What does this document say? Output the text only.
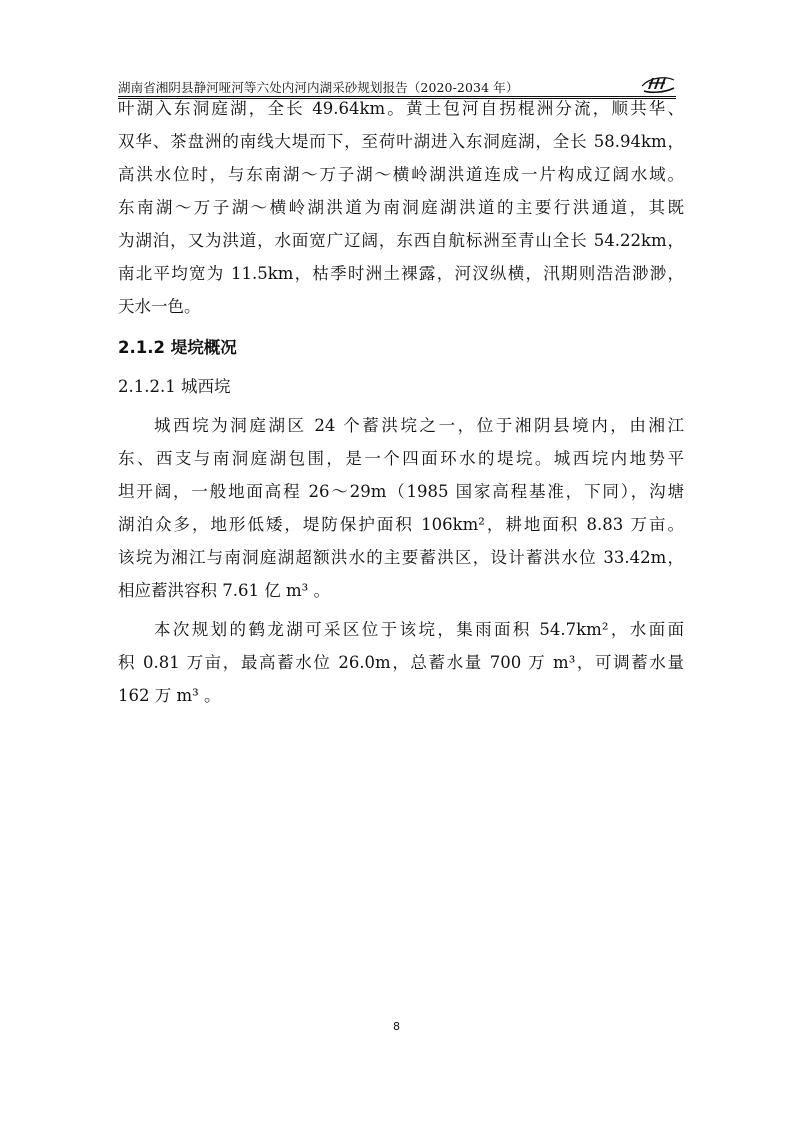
湖南省湘阴县静河哑河等六处内河内湖采砂规划报告（2020-2034 年）
叶湖入东洞庭湖，全长 49.64km。黄土包河自拐棍洲分流，顺共华、
双华、茶盘洲的南线大堤而下，至荷叶湖进入东洞庭湖，全长 58.94km，
高洪水位时，与东南湖～万子湖～横岭湖洪道连成一片构成辽阔水域。
东南湖～万子湖～横岭湖洪道为南洞庭湖洪道的主要行洪通道，其既
为湖泊，又为洪道，水面宽广辽阔，东西自航标洲至青山全长 54.22km，
南北平均宽为 11.5km，枯季时洲土裸露，河汊纵横，汛期则浩浩渺渺，
天水一色。
2.1.2 堤垸概况
2.1.2.1 城西垸
城西垸为洞庭湖区 24 个蓄洪垸之一，位于湘阴县境内，由湘江
东、西支与南洞庭湖包围，是一个四面环水的堤垸。城西垸内地势平
坦开阔，一般地面高程 26～29m（1985 国家高程基准，下同），沟塘
湖泊众多，地形低矮，堤防保护面积 106km²，耕地面积 8.83 万亩。
该垸为湘江与南洞庭湖超额洪水的主要蓄洪区，设计蓄洪水位 33.42m，
相应蓄洪容积 7.61 亿 m³ 。
本次规划的鹤龙湖可采区位于该垸，集雨面积 54.7km²，水面面
积 0.81 万亩，最高蓄水位 26.0m，总蓄水量 700 万 m³，可调蓄水量
162 万 m³ 。
8
